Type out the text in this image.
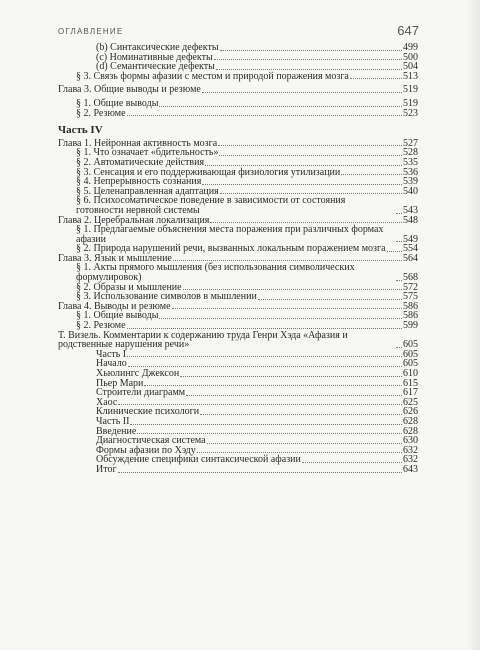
ОГЛАВЛЕНИЕ	647
(b) Синтаксические дефекты	499
(c) Номинативные дефекты	500
(d) Семантические дефекты	504
§ 3. Связь формы афазии с местом и природой поражения мозга	513
Глава 3. Общие выводы и резюме	519
§ 1. Общие выводы	519
§ 2. Резюме	523
Часть IV
Глава 1. Нейронная активность мозга	527
§ 1. Что означает «бдительность»	528
§ 2. Автоматические действия	535
§ 3. Сенсация и его поддерживающая физиология утилизации	536
§ 4. Непрерывность сознания	539
§ 5. Целенаправленная адаптация	540
§ 6. Психосоматическое поведение в зависимости от состояния готовности нервной системы	543
Глава 2. Церебральная локализация	548
§ 1. Предлагаемые объяснения места поражения при различных формах афазии	549
§ 2. Природа нарушений речи, вызванных локальным поражением мозга 554
Глава 3. Язык и мышление	564
§ 1. Акты прямого мышления (без использования символических формулировок)	568
§ 2. Образы и мышление	572
§ 3. Использование символов в мышлении	575
Глава 4. Выводы и резюме	586
§ 1. Общие выводы	586
§ 2. Резюме	599
Т. Визель. Комментарии к содержанию труда Генри Хэда «Афазия и родственные нарушения речи»	605
Часть I	605
Начало	605
Хьюлингс Джексон	610
Пьер Мари	615
Строители диаграмм	617
Хаос	625
Клинические психологи	626
Часть II	628
Введение	628
Диагностическая система	630
Формы афазии по Хэду	632
Обсуждение специфики синтаксической афазии	632
Итог	643
